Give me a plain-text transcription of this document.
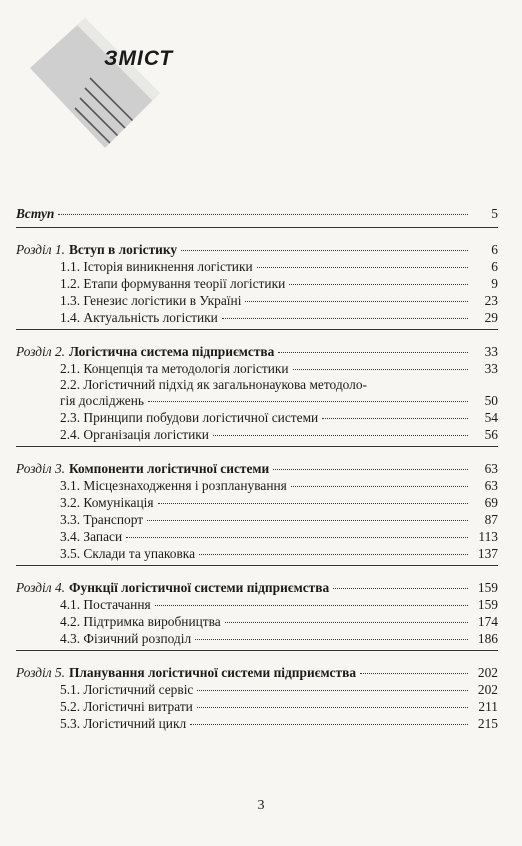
ЗМІСТ
Вступ	5
Розділ 1. Вступ в логістику	6
1.1. Історія виникнення логістики	6
1.2. Етапи формування теорії логістики	9
1.3. Генезис логістики в Україні	23
1.4. Актуальність логістики	29
Розділ 2. Логістична система підприємства	33
2.1. Концепція та методологія логістики	33
2.2. Логістичний підхід як загальнонаукова методоло-
гія досліджень	50
2.3. Принципи побудови логістичної системи	54
2.4. Організація логістики	56
Розділ 3. Компоненти логістичної системи	63
3.1. Місцезнаходження і розпланування	63
3.2. Комунікація	69
3.3. Транспорт	87
3.4. Запаси	113
3.5. Склади та упаковка	137
Розділ 4. Функції логістичної системи підприємства	159
4.1. Постачання	159
4.2. Підтримка виробництва	174
4.3. Фізичний розподіл	186
Розділ 5. Планування логістичної системи підприємства	202
5.1. Логістичний сервіс	202
5.2. Логістичні витрати	211
5.3. Логістичний цикл	215
3
